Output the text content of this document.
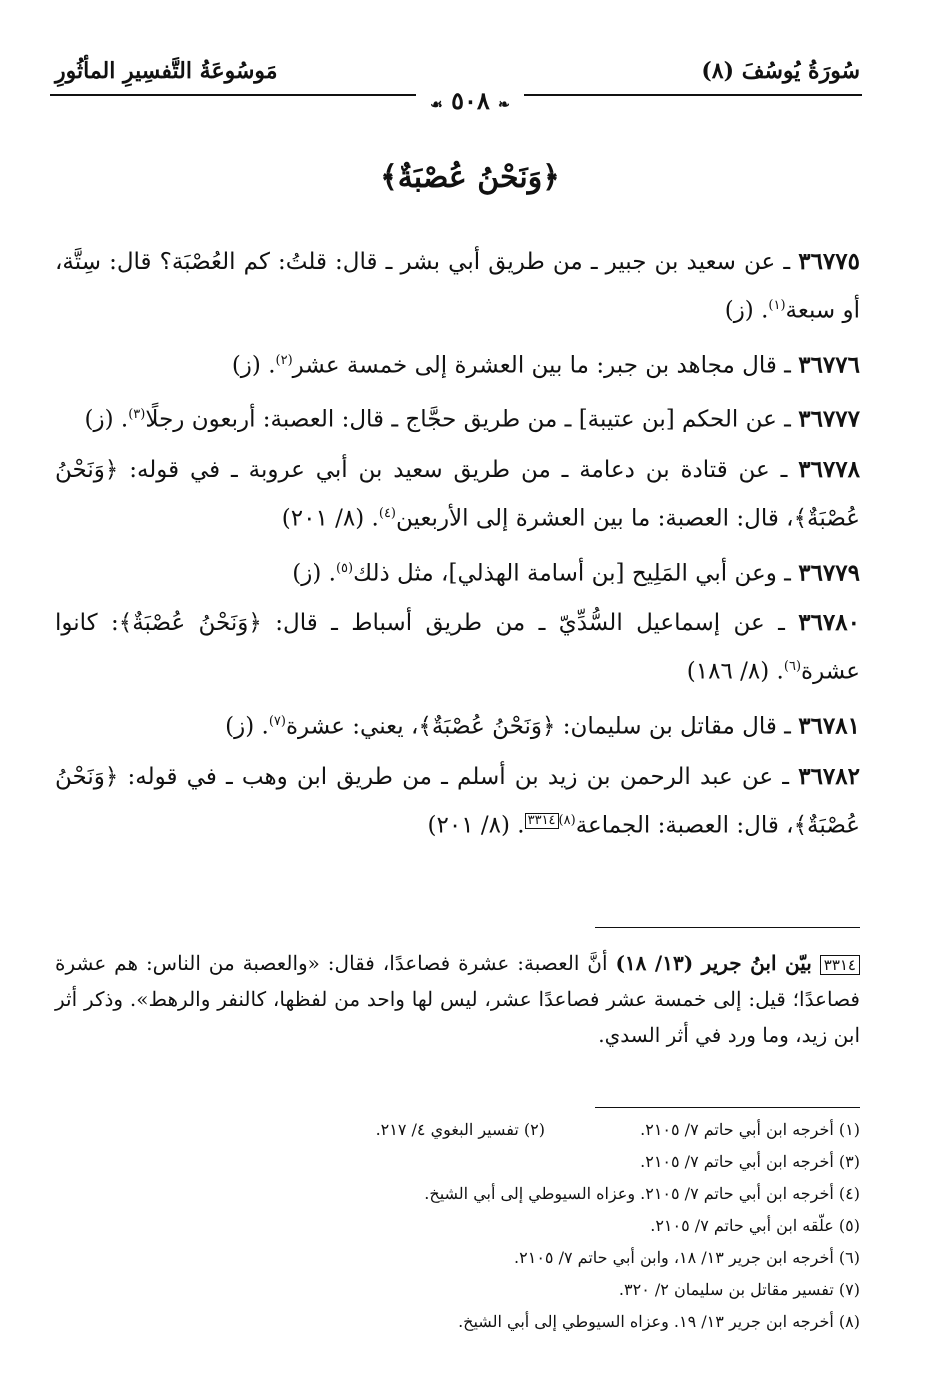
سُورَةُ يُوسُفَ (٨)
مَوسُوعَةُ التَّفسِيرِ المأثُورِ
❧ ٥٠٨ ☙
﴿وَنَحْنُ عُصْبَةٌ﴾
٣٦٧٧٥ ـ عن سعيد بن جبير ـ من طريق أبي بشر ـ قال: قلتُ: كم العُصْبَة؟ قال: سِتَّة، أو سبعة$^{(١)}$. (ز)
٣٦٧٧٦ ـ قال مجاهد بن جبر: ما بين العشرة إلى خمسة عشر$^{(٢)}$. (ز)
٣٦٧٧٧ ـ عن الحكم [بن عتيبة] ـ من طريق حجَّاج ـ قال: العصبة: أربعون رجلًا$^{(٣)}$. (ز)
٣٦٧٧٨ ـ عن قتادة بن دعامة ـ من طريق سعيد بن أبي عروبة ـ في قوله: ﴿وَنَحْنُ عُصْبَةٌ﴾، قال: العصبة: ما بين العشرة إلى الأربعين$^{(٤)}$. (٨/ ٢٠١)
٣٦٧٧٩ ـ وعن أبي المَلِيح [بن أسامة الهذلي]، مثل ذلك$^{(٥)}$. (ز)
٣٦٧٨٠ ـ عن إسماعيل السُّدِّيّ ـ من طريق أسباط ـ قال: ﴿وَنَحْنُ عُصْبَةٌ﴾: كانوا عشرة$^{(٦)}$. (٨/ ١٨٦)
٣٦٧٨١ ـ قال مقاتل بن سليمان: ﴿وَنَحْنُ عُصْبَةٌ﴾، يعني: عشرة$^{(٧)}$. (ز)
٣٦٧٨٢ ـ عن عبد الرحمن بن زيد بن أسلم ـ من طريق ابن وهب ـ في قوله: ﴿وَنَحْنُ عُصْبَةٌ﴾، قال: العصبة: الجماعة$^{(٨)}$٣٣١٤. (٨/ ٢٠١)
٣٣١٤ بيّن ابنُ جرير (١٣/ ١٨) أنَّ العصبة: عشرة فصاعدًا، فقال: «والعصبة من الناس: هم عشرة فصاعدًا؛ قيل: إلى خمسة عشر فصاعدًا عشر، ليس لها واحد من لفظها، كالنفر والرهط». وذكر أثر ابن زيد، وما ورد في أثر السدي.
(١) أخرجه ابن أبي حاتم ٧/ ٢١٠٥.
(٢) تفسير البغوي ٤/ ٢١٧.
(٣) أخرجه ابن أبي حاتم ٧/ ٢١٠٥.
(٤) أخرجه ابن أبي حاتم ٧/ ٢١٠٥. وعزاه السيوطي إلى أبي الشيخ.
(٥) علّقه ابن أبي حاتم ٧/ ٢١٠٥.
(٦) أخرجه ابن جرير ١٣/ ١٨، وابن أبي حاتم ٧/ ٢١٠٥.
(٧) تفسير مقاتل بن سليمان ٢/ ٣٢٠.
(٨) أخرجه ابن جرير ١٣/ ١٩. وعزاه السيوطي إلى أبي الشيخ.
